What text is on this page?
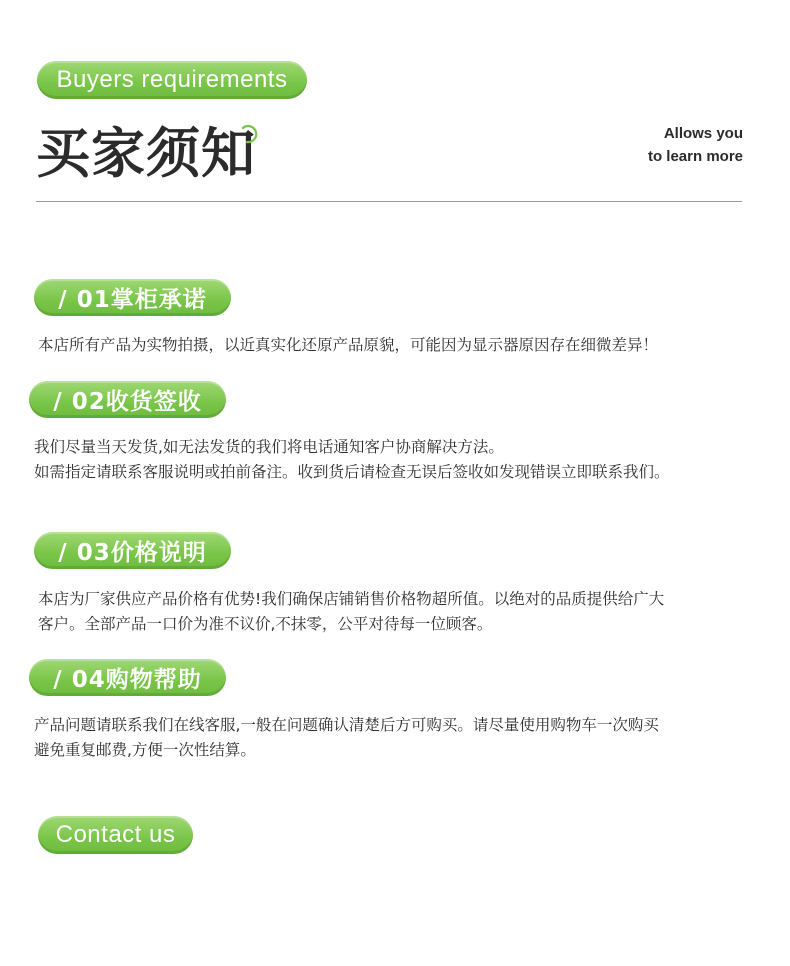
Buyers requirements
买家须知	Allows you
to learn more
/ 01掌柜承诺
本店所有产品为实物拍摄，以近真实化还原产品原貌，可能因为显示器原因存在细微差异！
/ 02收货签收
我们尽量当天发货,如无法发货的我们将电话通知客户协商解决方法。
如需指定请联系客服说明或拍前备注。收到货后请检查无误后签收如发现错误立即联系我们。
/ 03价格说明
本店为厂家供应产品价格有优势!我们确保店铺销售价格物超所值。以绝对的品质提供给广大
客户。全部产品一口价为准不议价,不抹零，公平对待每一位顾客。
/ 04购物帮助
产品问题请联系我们在线客服,一般在问题确认清楚后方可购买。请尽量使用购物车一次购买
避免重复邮费,方便一次性结算。
Contact us
